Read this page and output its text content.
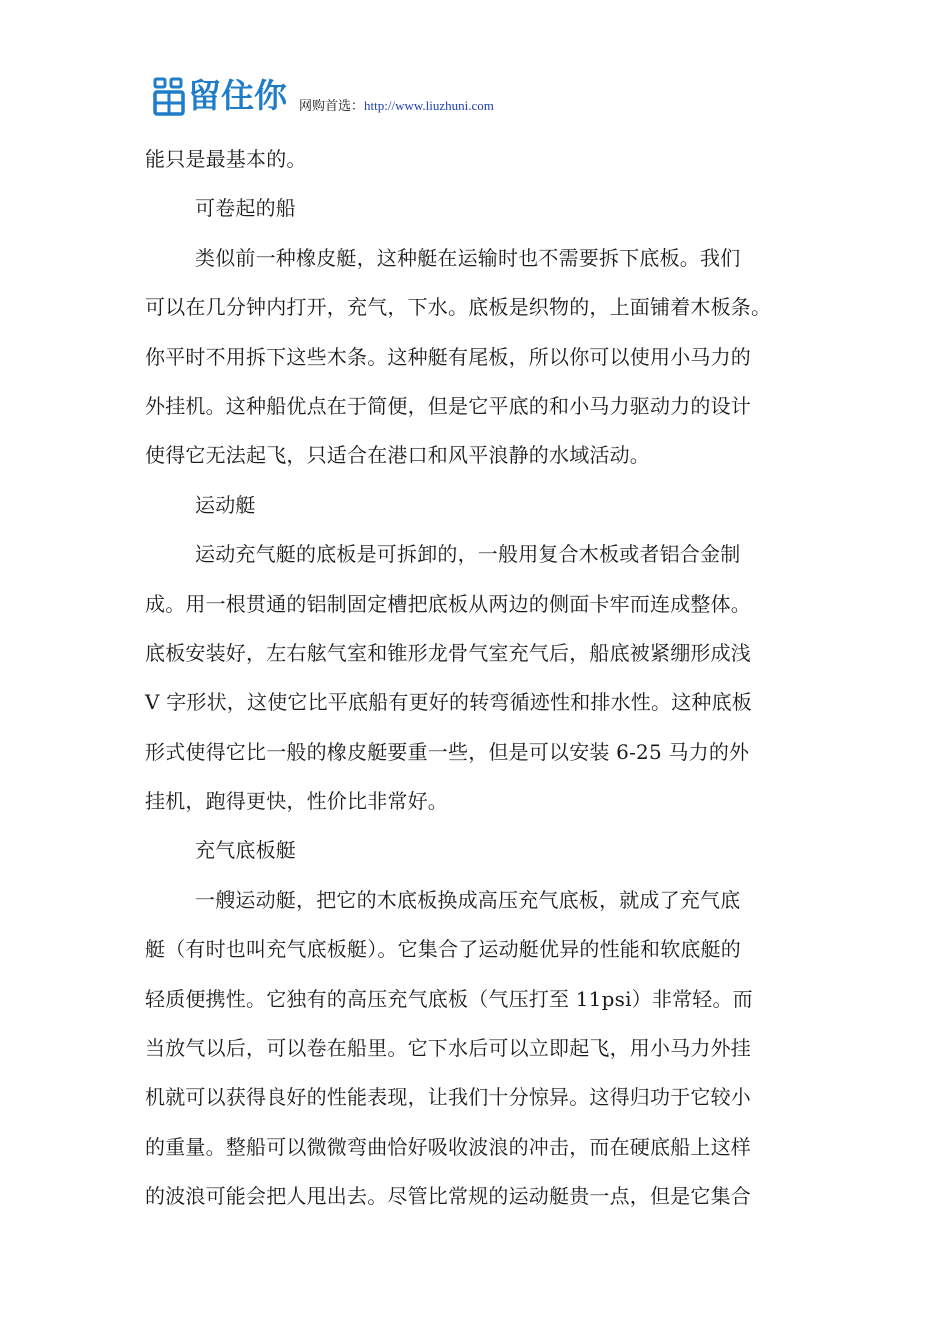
留住你 网购首选：http://www.liuzhuni.com
能只是最基本的。
可卷起的船
类似前一种橡皮艇，这种艇在运输时也不需要拆下底板。我们
可以在几分钟内打开，充气，下水。底板是织物的，上面铺着木板条。
你平时不用拆下这些木条。这种艇有尾板，所以你可以使用小马力的
外挂机。这种船优点在于简便，但是它平底的和小马力驱动力的设计
使得它无法起飞，只适合在港口和风平浪静的水域活动。
运动艇
运动充气艇的底板是可拆卸的，一般用复合木板或者铝合金制
成。用一根贯通的铝制固定槽把底板从两边的侧面卡牢而连成整体。
底板安装好，左右舷气室和锥形龙骨气室充气后，船底被紧绷形成浅
V 字形状，这使它比平底船有更好的转弯循迹性和排水性。这种底板
形式使得它比一般的橡皮艇要重一些，但是可以安装 6-25 马力的外
挂机，跑得更快，性价比非常好。
充气底板艇
一艘运动艇，把它的木底板换成高压充气底板，就成了充气底
艇（有时也叫充气底板艇）。它集合了运动艇优异的性能和软底艇的
轻质便携性。它独有的高压充气底板（气压打至 11psi）非常轻。而
当放气以后，可以卷在船里。它下水后可以立即起飞，用小马力外挂
机就可以获得良好的性能表现，让我们十分惊异。这得归功于它较小
的重量。整船可以微微弯曲恰好吸收波浪的冲击，而在硬底船上这样
的波浪可能会把人甩出去。尽管比常规的运动艇贵一点，但是它集合
